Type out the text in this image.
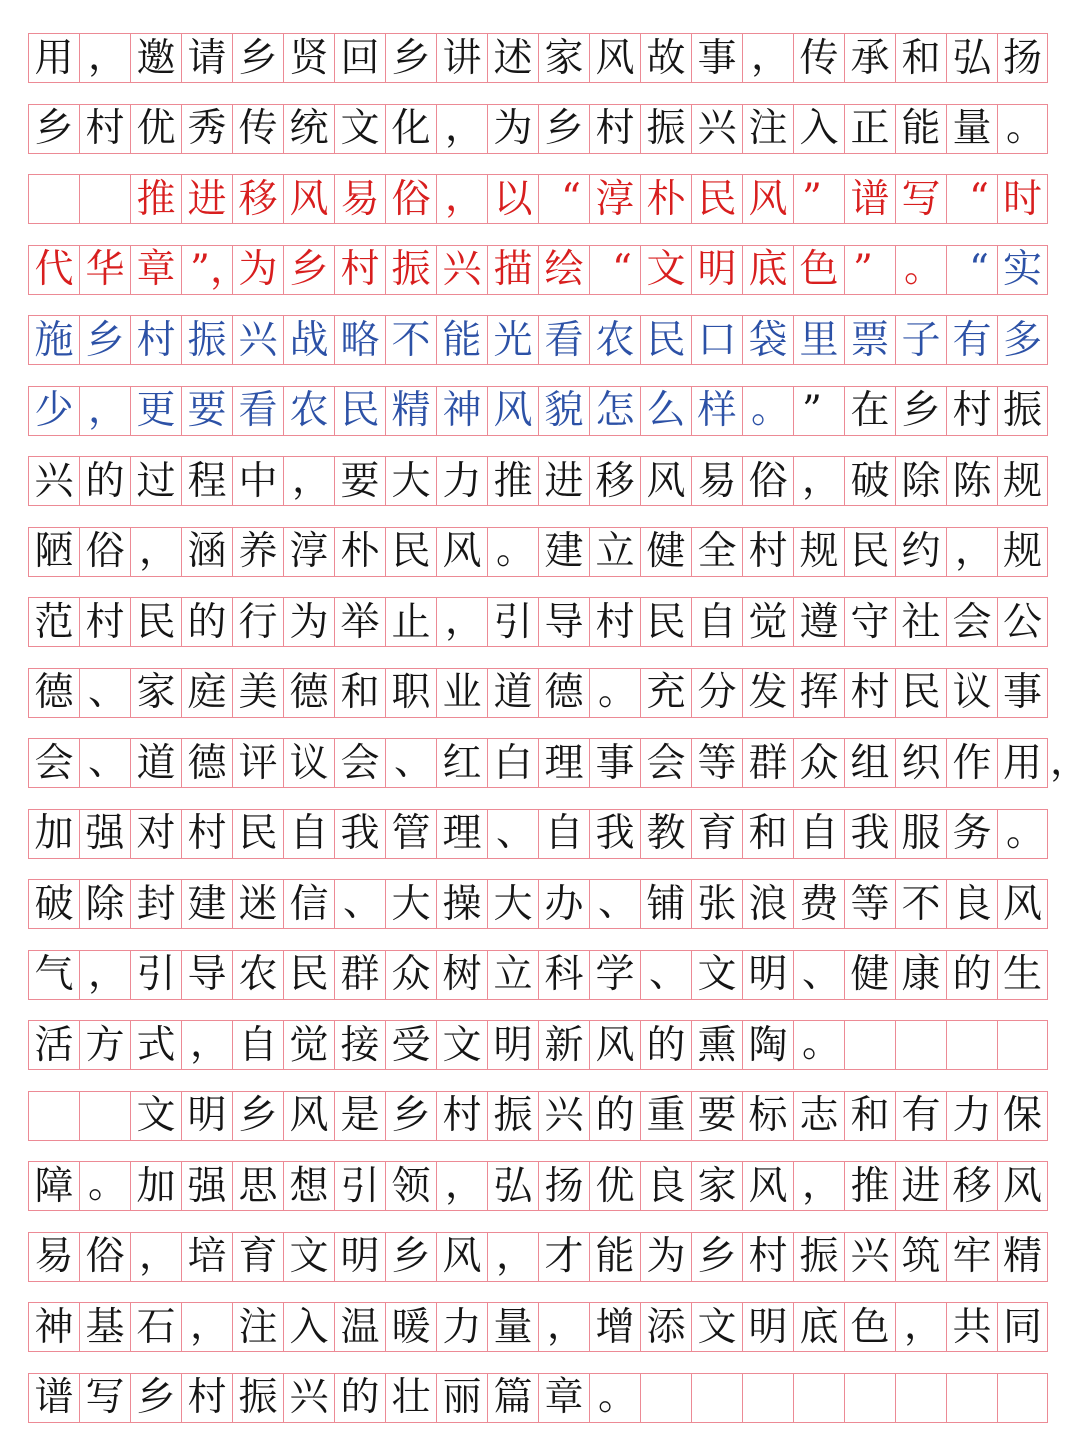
用 ， 邀 请 乡 贤 回 乡 讲 述 家 风 故 事 ， 传 承 和 弘 扬
乡 村 优 秀 传 统 文 化 ， 为 乡 村 振 兴 注 入 正 能 量 。
推 进 移 风 易 俗 ， 以 “ 淳 朴 民 风 ” 谱 写 “ 时
代 华 章 ”，
为 乡 村 振 兴 描 绘 “ 文 明 底 色 ” 。 “ 实
施 乡 村 振 兴 战 略 不 能 光 看 农 民 口 袋 里 票 子 有 多
少 ， 更 要 看 农 民 精 神 风 貌 怎 么 样 。 ” 在 乡 村 振
兴 的 过 程 中 ， 要 大 力 推 进 移 风 易 俗 ， 破 除 陈 规
陋 俗 ， 涵 养 淳 朴 民 风 。 建 立 健 全 村 规 民 约 ， 规
范 村 民 的 行 为 举 止 ， 引 导 村 民 自 觉 遵 守 社 会 公
德 、 家 庭 美 德 和 职 业 道 德 。 充 分 发 挥 村 民 议 事
会 、 道 德 评 议 会 、 红 白 理 事 会 等 群 众 组 织 作 用 ，
加 强 对 村 民 自 我 管 理 、 自 我 教 育 和 自 我 服 务 。
破 除 封 建 迷 信 、 大 操 大 办 、 铺 张 浪 费 等 不 良 风
气 ， 引 导 农 民 群 众 树 立 科 学 、 文 明 、 健 康 的 生
活 方 式 ， 自 觉 接 受 文 明 新 风 的 熏 陶 。
文 明 乡 风 是 乡 村 振 兴 的 重 要 标 志 和 有 力 保
障 。 加 强 思 想 引 领 ， 弘 扬 优 良 家 风 ， 推 进 移 风
易 俗 ， 培 育 文 明 乡 风 ， 才 能 为 乡 村 振 兴 筑 牢 精
神 基 石 ， 注 入 温 暖 力 量 ， 增 添 文 明 底 色 ， 共 同
谱 写 乡 村 振 兴 的 壮 丽 篇 章 。
